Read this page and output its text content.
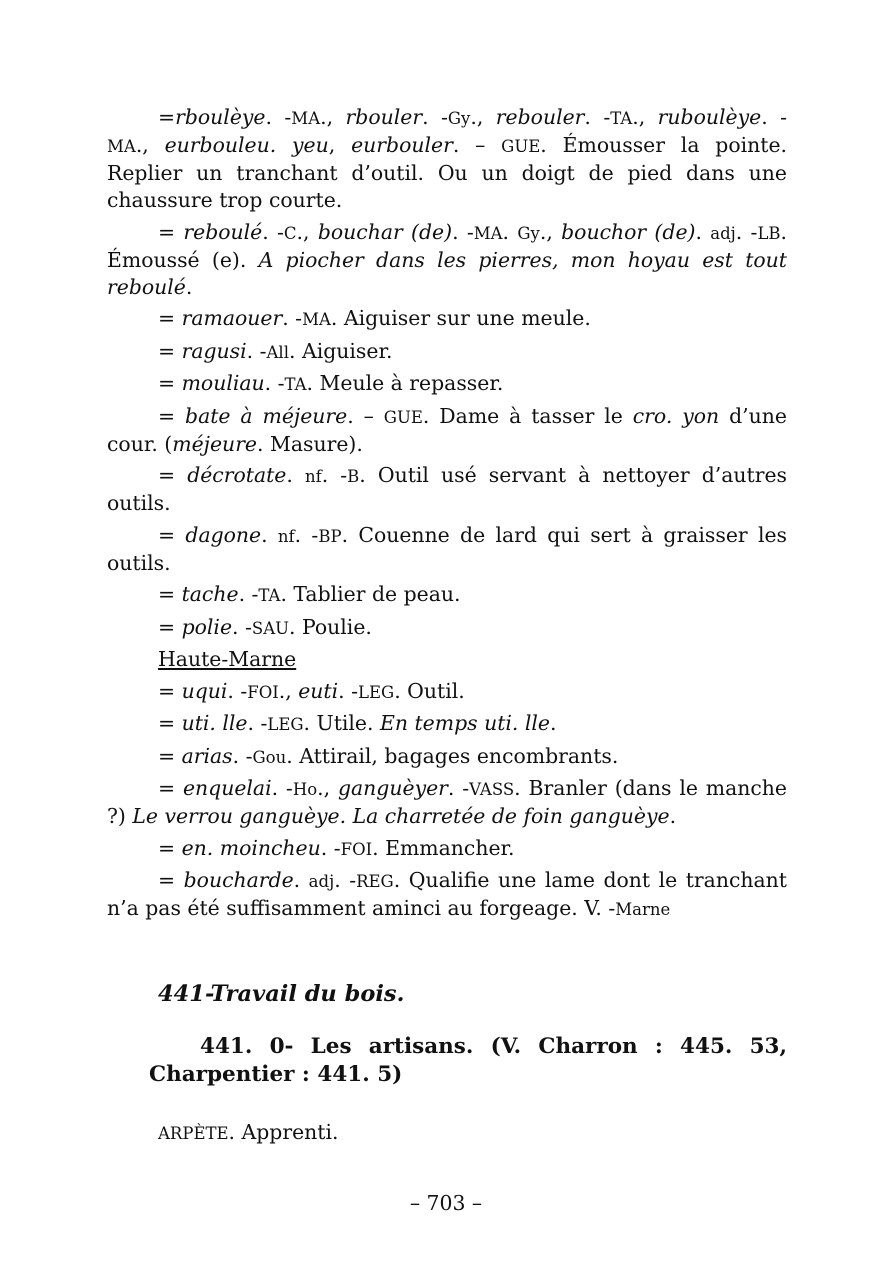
=rboulèye. -MA., rbouler. -Gy., rebouler. -TA., ruboulèye. -MA., eurbouleu. yeu, eurbouler. – GUE. Émousser la pointe. Replier un tranchant d’outil. Ou un doigt de pied dans une chaussure trop courte.
= reboulé. -C., bouchar (de). -MA. Gy., bouchor (de). adj. -LB. Émoussé (e). A piocher dans les pierres, mon hoyau est tout reboulé.
= ramaouer. -MA. Aiguiser sur une meule.
= ragusi. -All. Aiguiser.
= mouliau. -TA. Meule à repasser.
= bate à méjeure. – GUE. Dame à tasser le cro. yon d’une cour. (méjeure. Masure).
= décrotate. nf. -B. Outil usé servant à nettoyer d’autres outils.
= dagone. nf. -BP. Couenne de lard qui sert à graisser les outils.
= tache. -TA. Tablier de peau.
= polie. -SAU. Poulie.
Haute-Marne
= uqui. -FOI., euti. -LEG. Outil.
= uti. lle. -LEG. Utile. En temps uti. lle.
= arias. -Gou. Attirail, bagages encombrants.
= enquelai. -Ho., ganguèyer. -VASS. Branler (dans le manche ?) Le verrou ganguèye. La charretée de foin ganguèye.
= en. moincheu. -FOI. Emmancher.
= boucharde. adj. -REG. Qualifie une lame dont le tranchant n’a pas été suffisamment aminci au forgeage. V. -Marne
441-Travail du bois.
441. 0- Les artisans. (V. Charron : 445. 53, Charpentier : 441. 5)
ARPÈTE. Apprenti.
– 703 –
